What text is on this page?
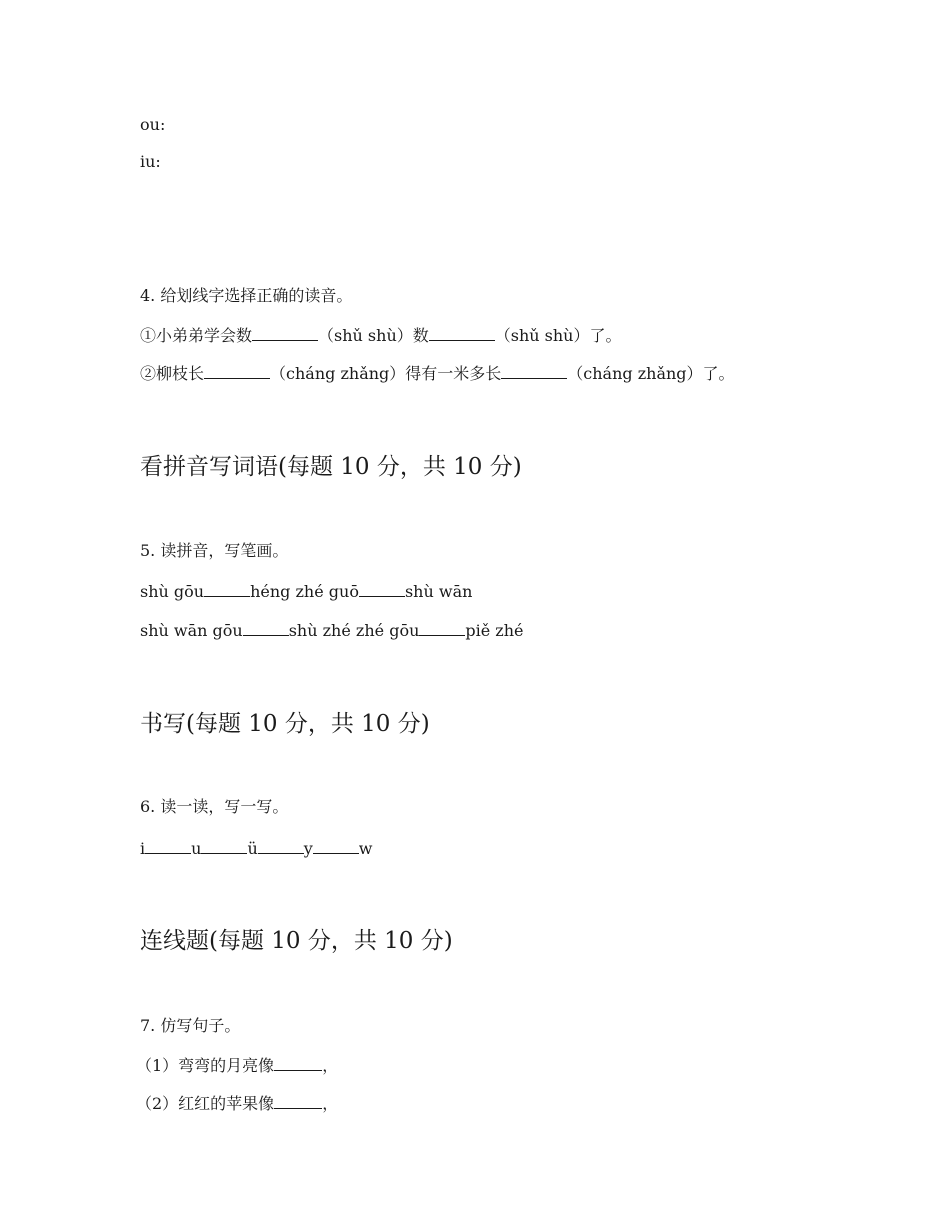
ou:
iu:
4. 给划线字选择正确的读音。
①小弟弟学会数	（shǔ shù）数	（shǔ shù）了。
②柳枝长	（cháng zhǎng）得有一米多长	（cháng zhǎng）了。
看拼音写词语(每题 10 分，共 10 分)
5. 读拼音，写笔画。
shù gōu	héng zhé guō	shù wān
shù wān gōu	shù zhé zhé gōu	piě zhé
书写(每题 10 分，共 10 分)
6. 读一读，写一写。
i	u	ü	y	w
连线题(每题 10 分，共 10 分)
7. 仿写句子。
（1）弯弯的月亮像	，
（2）红红的苹果像	，
